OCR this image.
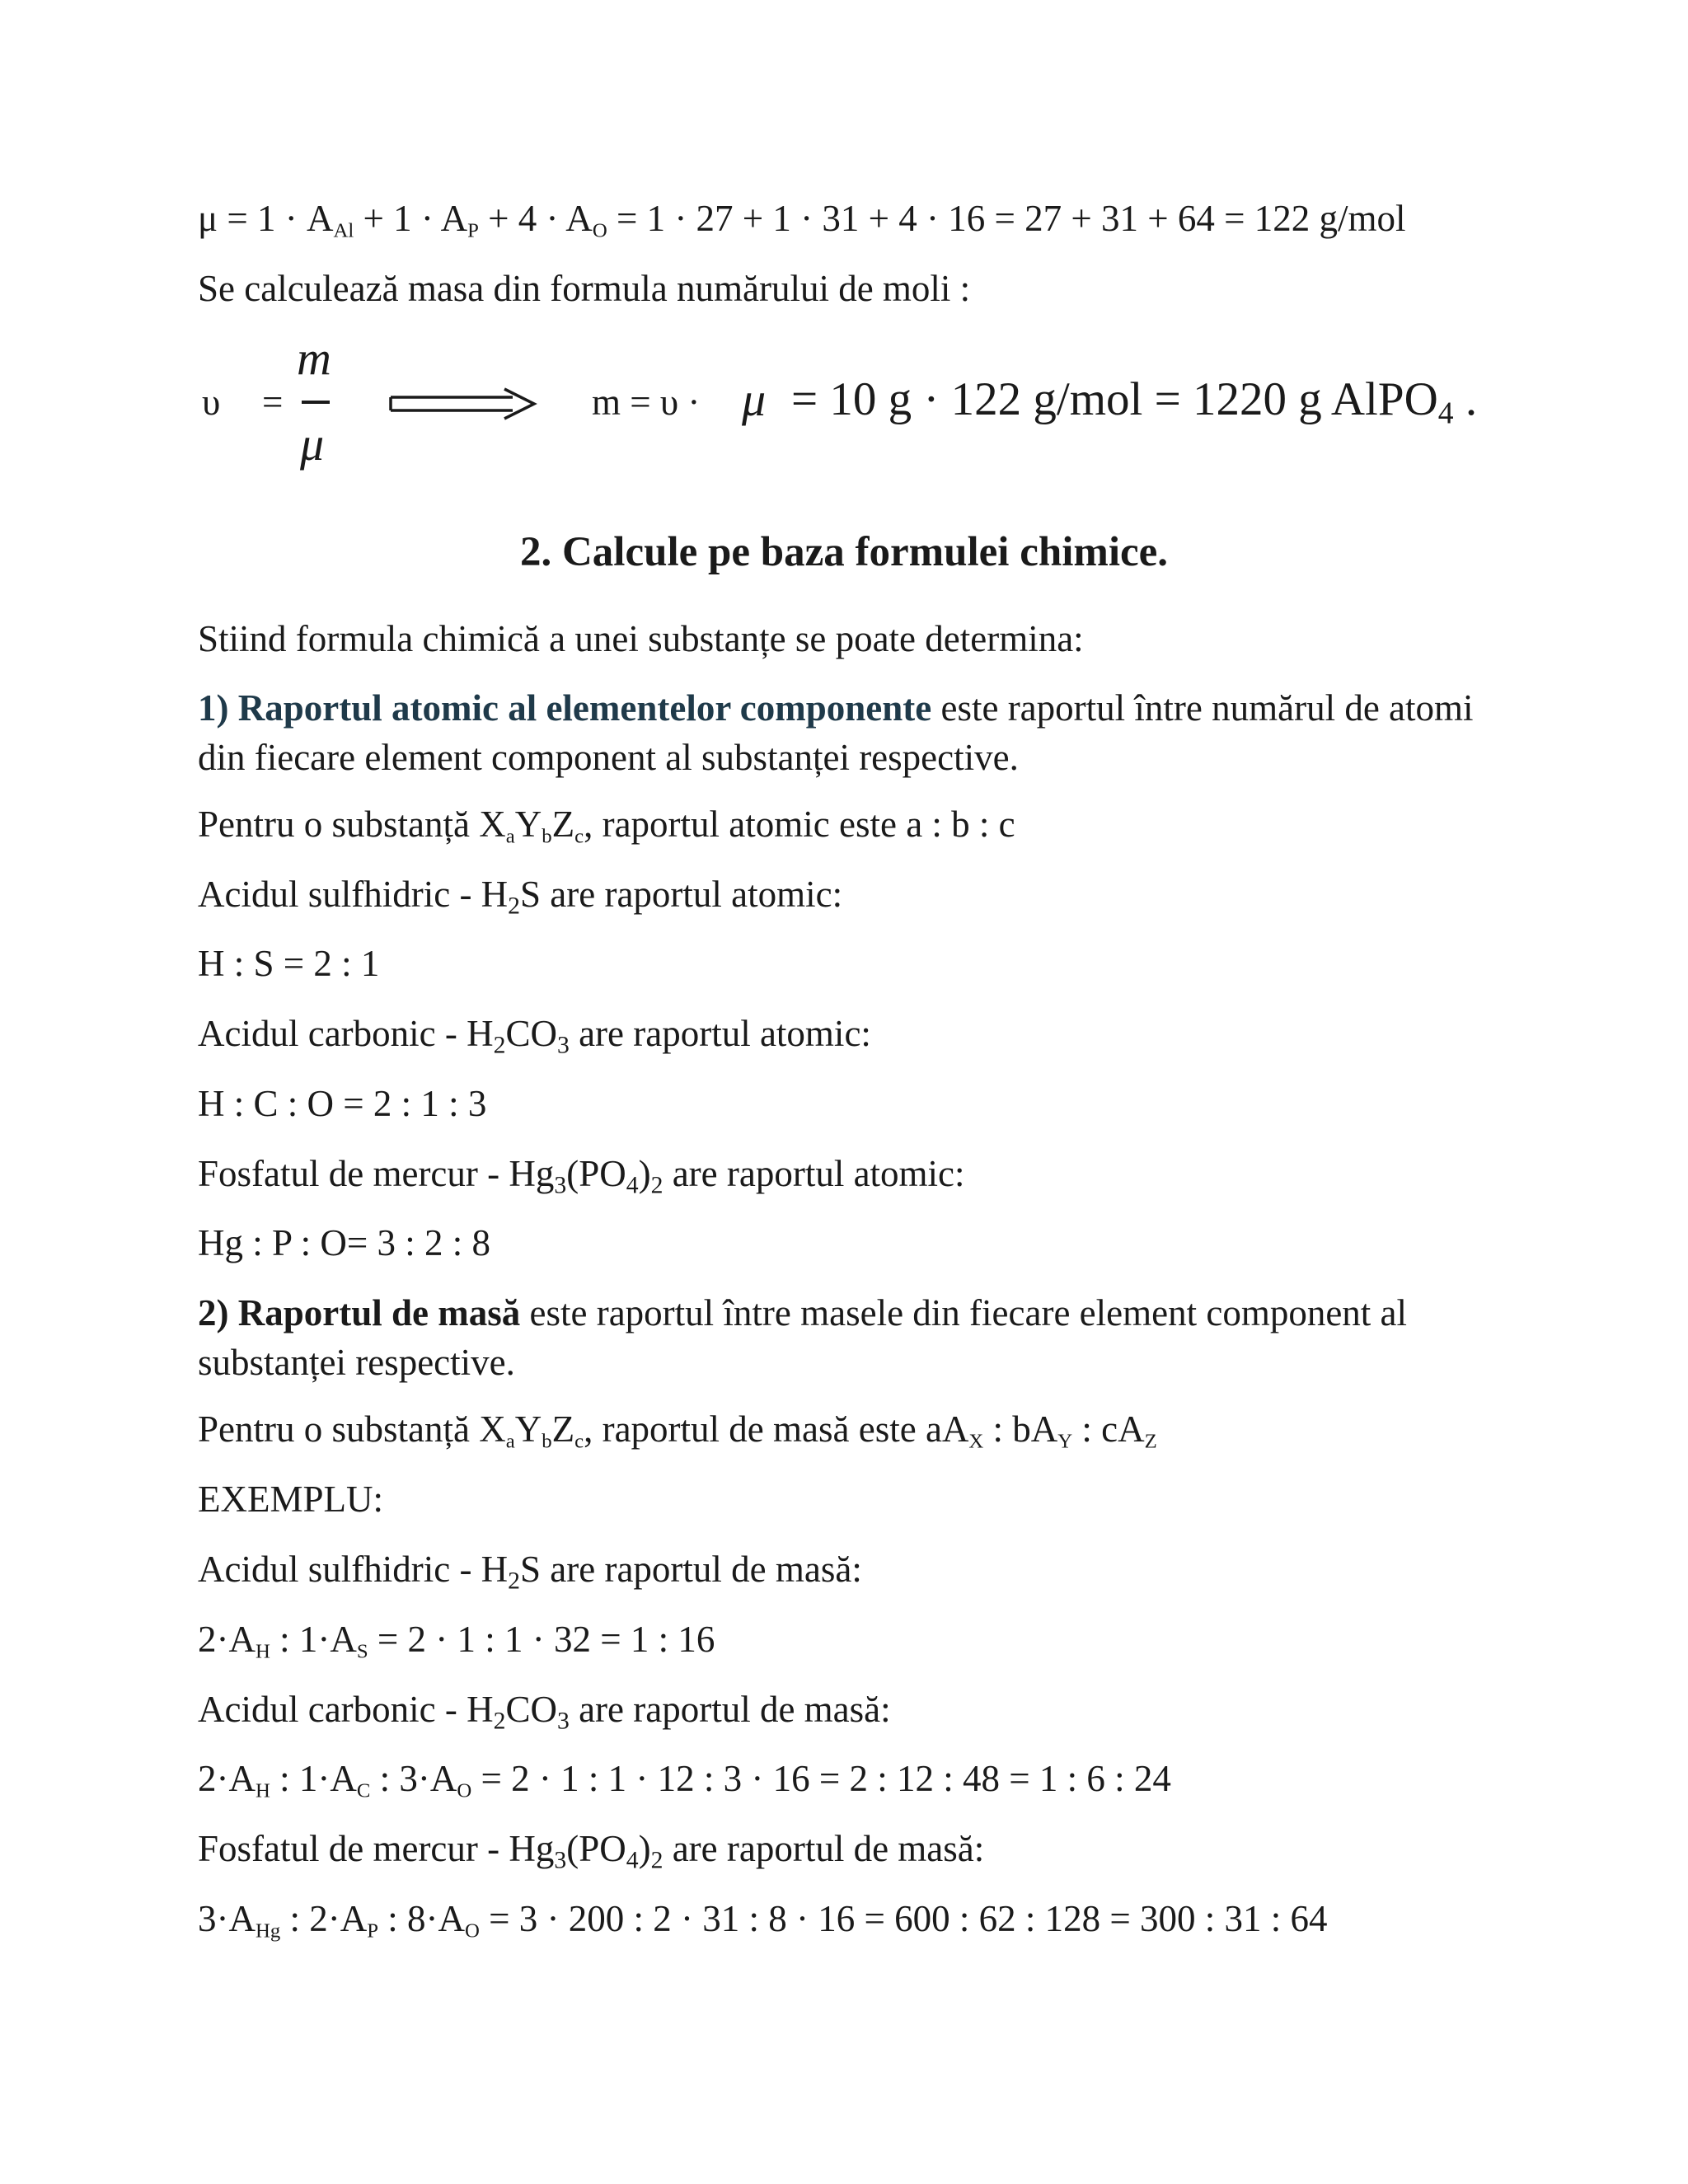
$\mu = 1 \cdot A_{Al} + 1 \cdot A_P + 4 \cdot A_O = 1 \cdot 27 + 1 \cdot 31 + 4 \cdot 16 = 27 + 31 + 64 = 122$ g/mol
Se calculează masa din formula numărului de moli :
υ =
m
μ
m = υ · μ = 10 g · 122 g/mol = 1220 g AlPO$_4$ .
2. Calcule pe baza formulei chimice.
Stiind formula chimică a unei substanțe se poate determina:
1) Raportul atomic al elementelor componente este raportul între numărul de atomi din fiecare element component al substanței respective.
Pentru o substanță $X_aY_bZ_c$, raportul atomic este a : b : c
Acidul sulfhidric - $H_2S$ are raportul atomic:
H : S = 2 : 1
Acidul carbonic - $H_2CO_3$ are raportul atomic:
H : C : O = 2 : 1 : 3
Fosfatul de mercur - $Hg_3(PO_4)_2$ are raportul atomic:
Hg : P : O= 3 : 2 : 8
2) Raportul de masă este raportul între masele din fiecare element component al substanței respective.
Pentru o substanță $X_aY_bZ_c$, raportul de masă este $aA_X$ : $bA_Y$ : $cA_Z$
EXEMPLU:
Acidul sulfhidric - $H_2S$ are raportul de masă:
$2\cdot A_H$ : $1\cdot A_S = 2 \cdot 1$ : 1 · 32 = 1 : 16
Acidul carbonic - $H_2CO_3$ are raportul de masă:
$2\cdot A_H$ : $1\cdot A_C$ : $3\cdot A_O = 2 \cdot 1$ : 1 · 12 : 3 · 16 = 2 : 12 : 48 = 1 : 6 : 24
Fosfatul de mercur - $Hg_3(PO_4)_2$ are raportul de masă:
$3\cdot A_{Hg}$ : $2\cdot A_P$ : $8\cdot A_O = 3 \cdot 200$ : 2 · 31 : 8 · 16 = 600 : 62 : 128 = 300 : 31 : 64
